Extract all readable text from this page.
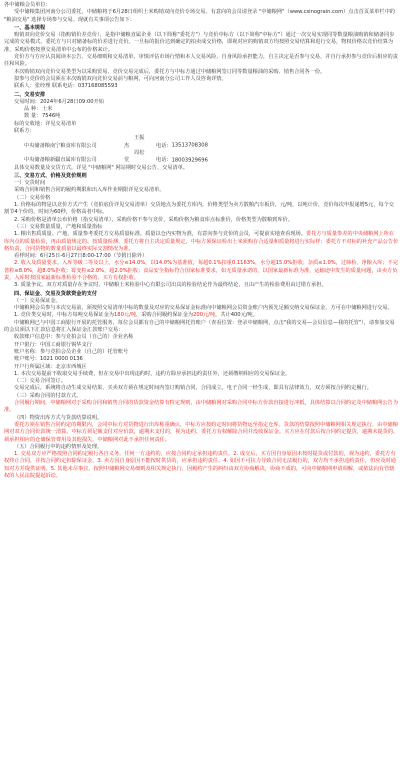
各中储粮会员单位：

受中储粮集团河南分公司委托，中储粮将于6月28日组织土米购销双向竞价专场交易。有意向的会员请登录 "中储粮网"（www.csinograin.com）点击首页菜单栏中的 "粮油交易" 选择专场参与交易。现就有关事项公告如下：

一、基本规程

购销双向竞价交易（指购销价差竞价），是指中储粮直属企业（以下简称"委托方"）与竞价中标方（以下简称"中标方"）通过一次交易实现同等数量粮油购销和储备同步完成的交易模式。委托方与只对储备标的价差进行竞价。一旦标的报价达到确定的拍卖成交价格，即视对应的购销双方均按照交易结算和进行交易，物权价格以竞价结算为准，采购价格按照交易清单中公布的价格来计。

竞价方与方应认真阅读本公告、交易细则和交易清单，审慎评估市场行情和本人交易风险，自身风险承担能力，自主决定是否参与交易，并自行承担参与竞价后相应的责任和风险。

本次购销双向竞价交易类型为以采购贸易、竞价交易完成后，委托方与中标方通过中储粮网签订同等数量粮油的采购、销售合同各一份。

拟参与竞价的会员须在本次购销双向竞价交易前与粮网，可向河南分公司工作人员咨询详情。

联系人：张经理 联系电话：037168085593

二、交易安排

交易时间：2024年6月28日09:00开始
品 种：土米
数 量：7546吨

标的交收地：详见交易清单

联系方：

中央储备粮南宁粮食库有限公司王振杰	电话：13513708308
中央储备粮新疆直属库有限公司周松堂	电话：18003929696

具体交易数量及交货方式，详见 "中储粮网" 网站期时交易公告、交易清单。

三、交易方式、价格及竞价规则

一）交货时间

采购合同和销售合同的履约期限和出入库作业期限详见交易清单。

（二）交易价格

1. 价格标的物是以竞价方式产生（竞拍底价详见交易清单）交货地点为委托方库内，价格类型为卖方散粮汽车板价，元/吨，以吨计价，竞价每次申报递增5元，每个交割节4个价的，时间为60秒，价格高者中标。

2. 采购价格是清单公布价格（指交易清单），采购价格不参与竞价，采购价格为粮食库点标准价，价格类型为散粮到库价。

（三）交易数量质量，产地和质量指标

1. 粮出售质质量、产地、质量参考委托方交易质量标准。质量以仓内实物为准，有意向参与竞价的会员，可提前实地查看现场。委托方与质量参差的中央储粮网上所在库内点的质量检验，再由质量规定的。按质量检测，委托方将自主决定质量规定，中标方须保证检出土米须购存合适量和质量将进行实际样；委托方不对标的补充产品公告价格负责，合同货物的数量质量以最终实际交割情况为准。

看样时间：6月25日-6月27日8:00-17:00（节假日除外）

2. 收入及质量要求。入库等级二等及以上，水分≤14.0%，以14.0%为基准值，每超0.1%扣重0.1163%，水分超15.0%拒收；杂质≤1.0%，过筛检，净粮入库；不完善粒≤8.0%，超8.0%拒收；霉变粒≤2.0%，超2.0%拒收；食品安全指标符合国家标准要求，如无质量承诺的，以国家最新标准为准，运输途中发生的质量问题，由卖方负责，入库时按国家最新标准检验不合格的，买方有权拒收。

3. 质量争议。双方对质量存在争议时，中储粮土米检验中心有限公司出具的检验结论作为最终结论，且由产生的检验费用由过错方承担。

四、保证金、交易及货款资金的支付

（一）交易保证金。

中储粮网会员参与本次交易前，须按照交易清单中标的数量及对应的交易保证金标准向中储粮网会员资金账户内预先足额交纳交易保证金，方可在中储粮网进行交易。

1. 竞价类交易时，中标方每吨交易保证金为180元/吨，采购合同履约保证金为200元/吨，共计400元/吨。

中储粮网已与中国工商银行开展的托管服务，每位会员都有自己的中储粮网托管账户（查看位置：登录中储粮网，点击"我的交易—会员信息—我的托管"），请参加交易的会员须以下汇款信息将汇入保证金汇款账户交易：

收款账户信息中：参与竞拍会员（自己的）企业名称

开户银行：中国工商银行锡华支行
账户名称：参与竞拍会员企业（自己的）托管账号
账户账号：1021 0000 0136
开户行所属区域：北京市西城区

1. 本次交易提前不收取交易手续费，但在交易中出现违约时，违约方除应承担违约责任外，还须缴纳相应的交易保证金。

（二）交易合同签订。

交易完成后，系统将自动生成交易结果，买卖双方须在规定时间内签订购销合同，合同成立。电子合同一经生成，即具有法律效力，双方须按合同约定履行。

（三）采购合同的付款方式。

合同履行期间，中储粮网对于采购合同和销售合同的货款资金结算有特定规则，由中储粮网对采购合同中标方价款直接进行冲抵，具体结算以合同约定及中储粮网公告为准。

（四）物资出库方式与货款结算说明。

委托方须在销售合同约定的期限内，会同中标方对货物进行出库称重确认，中标方应按约定时间将货物运至指定仓库。货款的结算按照中储粮网相关规定执行，由中储粮网对双方合同价款统一清算。中标方须足额支付对应价款，逾期未支付的，视为违约，委托方有权解除合同并没收保证金。买方应在付款后按合同约定提货，逾期未提货的，须承担相应的仓储保管费用及其他损失，中储粮网对此不承担任何责任。

（五）合同履行中的违约情形及处理。

1. 交易双方应严格按照合同约定履行各自义务，任何一方违约的，应按合同约定承担违约责任。2. 成交后，买方因自身原因未按时提货或付款的，视为违约，委托方有权终止合同，并按合同约定扣除保证金。3. 卖方因自身原因不能按时供货的，应承担违约责任。4. 如因不可抗力导致合同无法履行的，双方均不承担违约责任，但应及时通知对方并提供证明。5. 其他未尽事宜，按照中储粮网交易细则及相关规定执行，因履约产生的纠纷由双方协商解决，协商不成的，可向中储粮网申请调解，或依法向有管辖权的人民法院提起诉讼。
